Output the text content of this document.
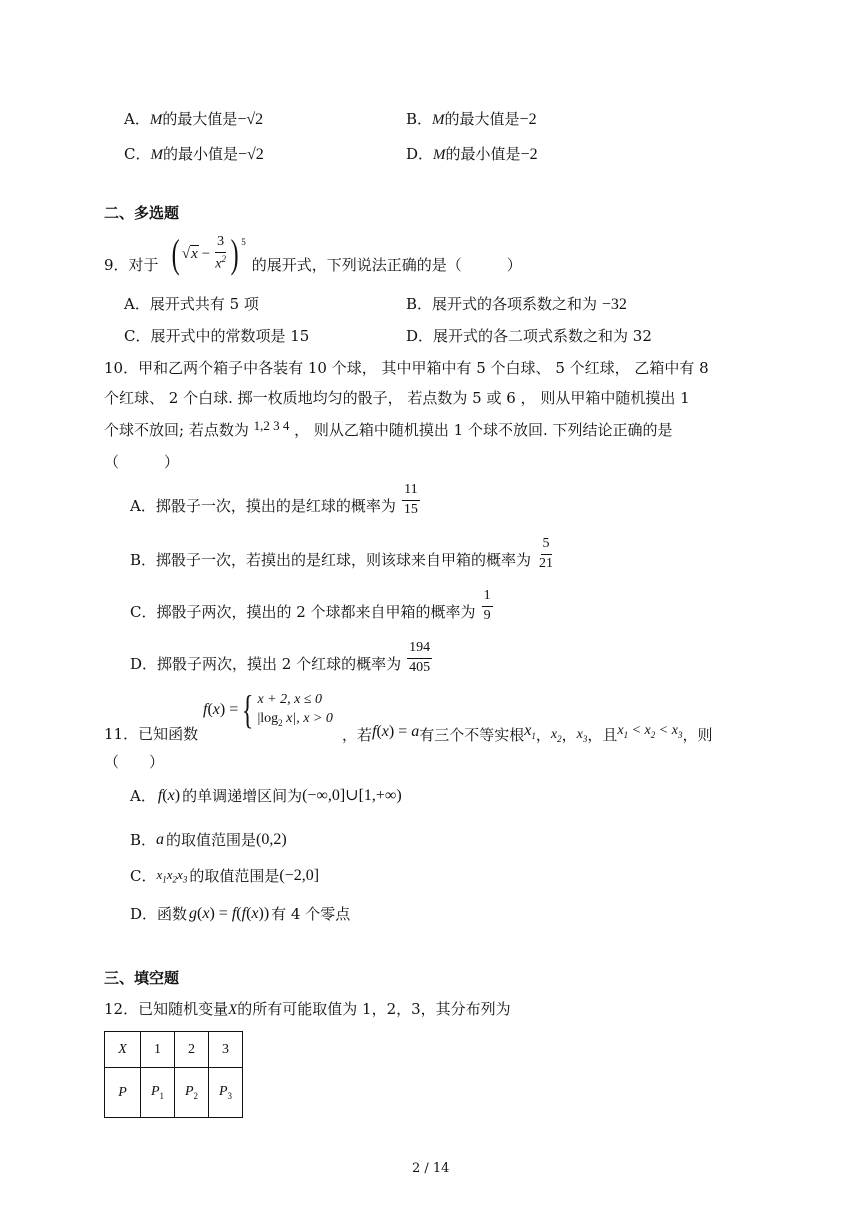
A．M的最大值是−√2	B．M的最大值是−2
C．M的最小值是−√2	D．M的最小值是−2
二、多选题
9．对于 ( $√x - \frac{3}{x^2}$ ) $^5$
的展开式，下列说法正确的是（　　　）
A．展开式共有 5 项	B．展开式的各项系数之和为 −32
C．展开式中的常数项是 15	D．展开式的各二项式系数之和为 32
10．甲和乙两个箱子中各装有 10 个球， 其中甲箱中有 5 个白球、 5 个红球， 乙箱中有 8
个红球、 2 个白球. 掷一枚质地均匀的骰子， 若点数为 5 或 6 ， 则从甲箱中随机摸出 1
个球不放回; 若点数为 1,2 3 4 ， 则从乙箱中随机摸出 1 个球不放回. 下列结论正确的是
（　　　）
A．掷骰子一次，摸出的是红球的概率为 $\frac{11}{15}$
B．掷骰子一次，若摸出的是红球，则该球来自甲箱的概率为 $\frac{5}{21}$
C．掷骰子两次，摸出的 2 个球都来自甲箱的概率为 $\frac{1}{9}$
D．掷骰子两次，摸出 2 个红球的概率为 $\frac{194}{405}$
11．已知函数
f(x) = { x + 2, x ≤ 0
$|\log_2$ x|, x > 0
，若 f(x) = a 有三个不等实根 $x_1$ ， $x_2$ ， $x_3$ ，且 $x_1 < x_2 < x_3$ ，则
（　　）
A． f(x) 的单调递增区间为 (−∞,0]∪[1,+∞)
B． a 的取值范围是 (0,2)
C． $x_1x_2x_3$ 的取值范围是 (−2,0]
D．函数 g(x) = f(f(x)) 有 4 个零点
三、填空题
12．已知随机变量X的所有可能取值为 1，2，3，其分布列为
X	1	2	3
P	$P_1$	$P_2$	$P_3$
2 / 14
